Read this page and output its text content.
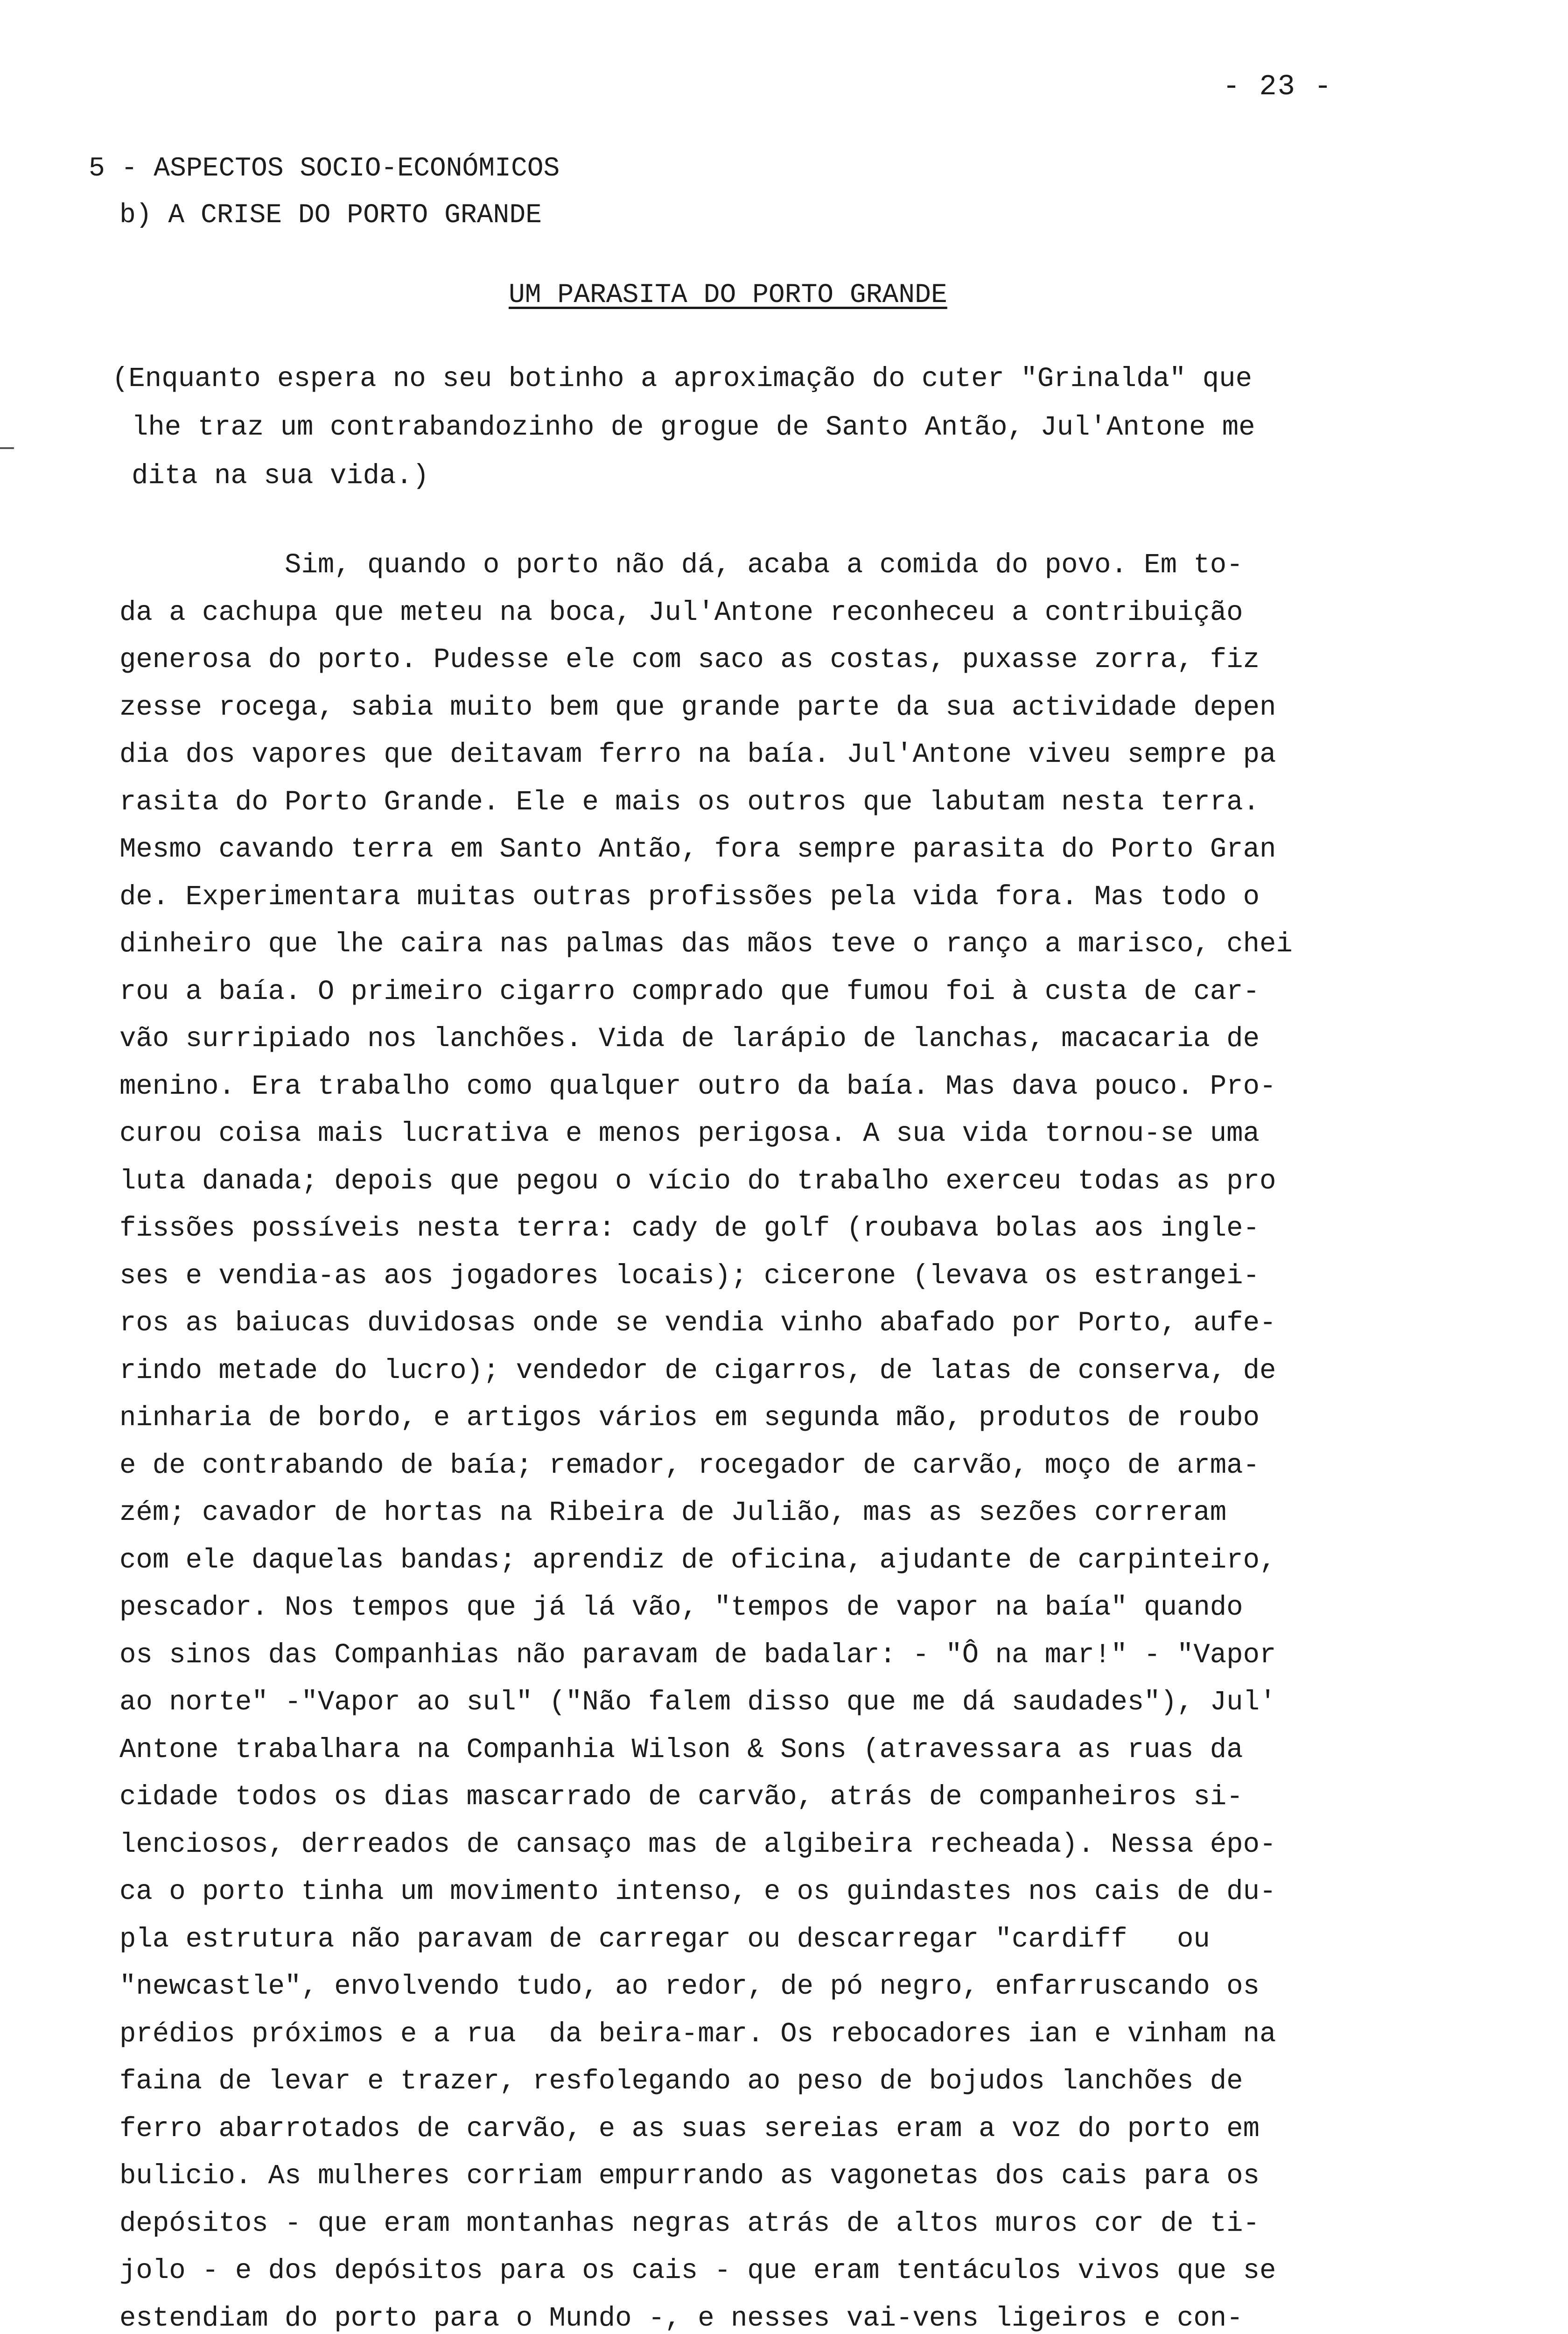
- 23 -
5 - ASPECTOS SOCIO-ECONÓMICOS
b) A CRISE DO PORTO GRANDE
UM PARASITA DO PORTO GRANDE
(Enquanto espera no seu botinho a aproximação do cuter "Grinalda" que
lhe traz um contrabandozinho de grogue de Santo Antão, Jul'Antone me
dita na sua vida.)
Sim, quando o porto não dá, acaba a comida do povo. Em to-
da a cachupa que meteu na boca, Jul'Antone reconheceu a contribuição
generosa do porto. Pudesse ele com saco as costas, puxasse zorra, fiz
zesse rocega, sabia muito bem que grande parte da sua actividade depen
dia dos vapores que deitavam ferro na baía. Jul'Antone viveu sempre pa
rasita do Porto Grande. Ele e mais os outros que labutam nesta terra.
Mesmo cavando terra em Santo Antão, fora sempre parasita do Porto Gran
de. Experimentara muitas outras profissões pela vida fora. Mas todo o
dinheiro que lhe caira nas palmas das mãos teve o ranço a marisco, chei
rou a baía. O primeiro cigarro comprado que fumou foi à custa de car-
vão surripiado nos lanchões. Vida de larápio de lanchas, macacaria de
menino. Era trabalho como qualquer outro da baía. Mas dava pouco. Pro-
curou coisa mais lucrativa e menos perigosa. A sua vida tornou-se uma
luta danada; depois que pegou o vício do trabalho exerceu todas as pro
fissões possíveis nesta terra: cady de golf (roubava bolas aos ingle-
ses e vendia-as aos jogadores locais); cicerone (levava os estrangei-
ros as baiucas duvidosas onde se vendia vinho abafado por Porto, aufe-
rindo metade do lucro); vendedor de cigarros, de latas de conserva, de
ninharia de bordo, e artigos vários em segunda mão, produtos de roubo
e de contrabando de baía; remador, rocegador de carvão, moço de arma-
zém; cavador de hortas na Ribeira de Julião, mas as sezões correram
com ele daquelas bandas; aprendiz de oficina, ajudante de carpinteiro,
pescador. Nos tempos que já lá vão, "tempos de vapor na baía" quando
os sinos das Companhias não paravam de badalar: - "Ô na mar!" - "Vapor
ao norte" -"Vapor ao sul" ("Não falem disso que me dá saudades"), Jul'
Antone trabalhara na Companhia Wilson & Sons (atravessara as ruas da
cidade todos os dias mascarrado de carvão, atrás de companheiros si-
lenciosos, derreados de cansaço mas de algibeira recheada). Nessa épo-
ca o porto tinha um movimento intenso, e os guindastes nos cais de du-
pla estrutura não paravam de carregar ou descarregar "cardiff   ou
"newcastle", envolvendo tudo, ao redor, de pó negro, enfarruscando os
prédios próximos e a rua  da beira-mar. Os rebocadores ian e vinham na
faina de levar e trazer, resfolegando ao peso de bojudos lanchões de
ferro abarrotados de carvão, e as suas sereias eram a voz do porto em
bulicio. As mulheres corriam empurrando as vagonetas dos cais para os
depósitos - que eram montanhas negras atrás de altos muros cor de ti-
jolo - e dos depósitos para os cais - que eram tentáculos vivos que se
estendiam do porto para o Mundo -, e nesses vai-vens ligeiros e con-
